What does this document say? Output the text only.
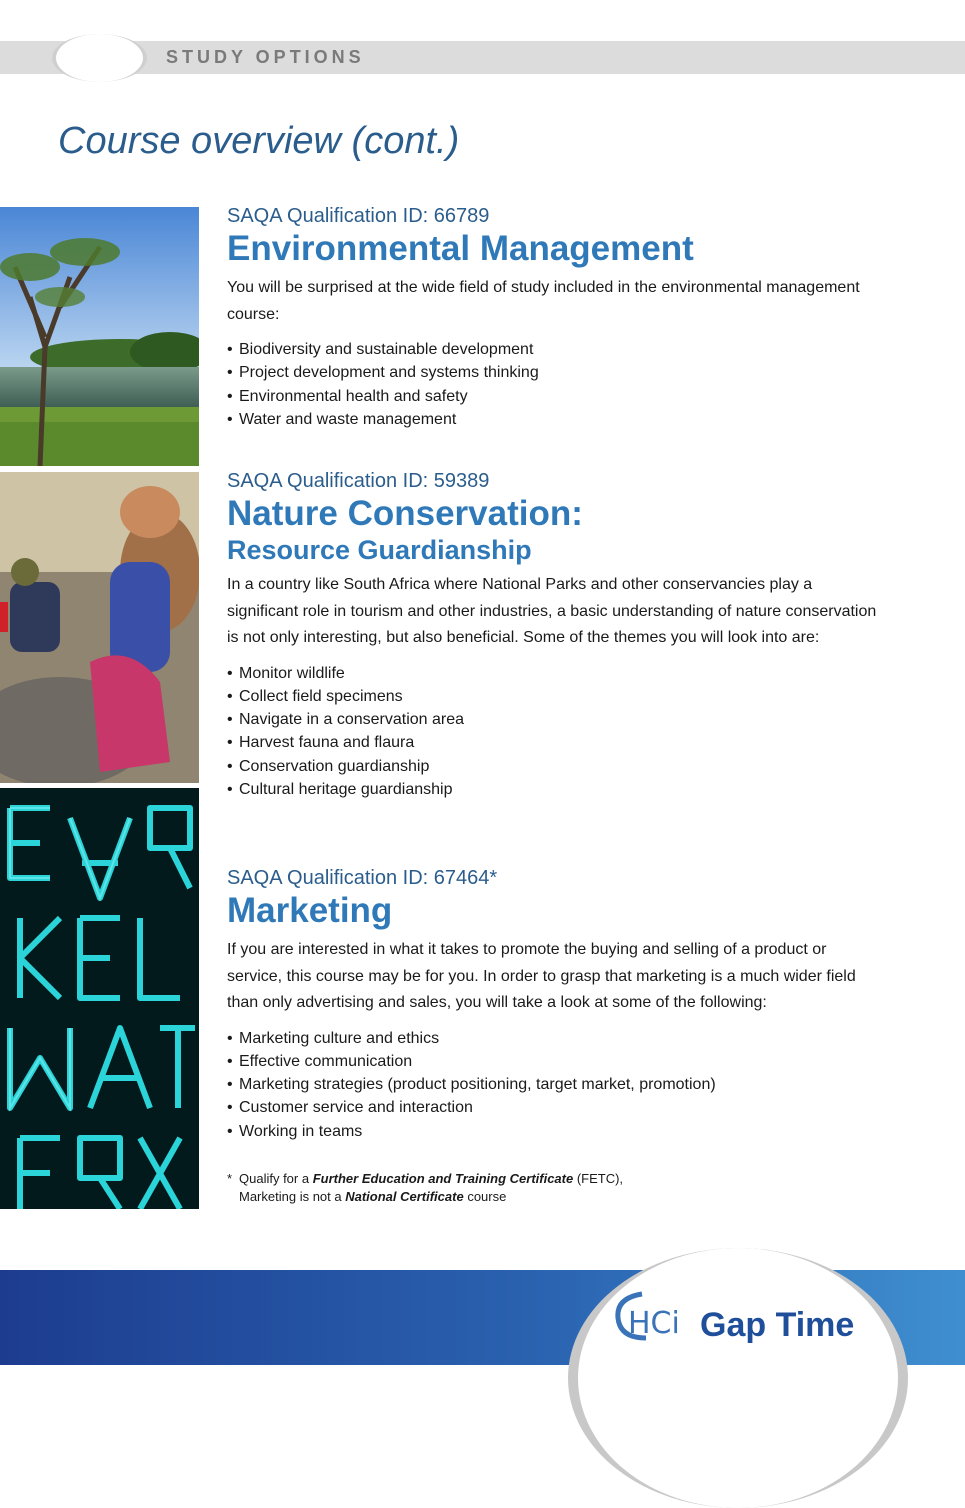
STUDY OPTIONS
Course overview (cont.)

SAQA Qualification ID: 66789

Environmental Management

You will be surprised at the wide field of study included in the environmental management course:

• Biodiversity and sustainable development
• Project development and systems thinking
• Environmental health and safety
• Water and waste management

SAQA Qualification ID: 59389

Nature Conservation:
Resource Guardianship

In a country like South Africa where National Parks and other conservancies play a significant role in tourism and other industries, a basic understanding of nature conservation is not only interesting, but also beneficial. Some of the themes you will look into are:

• Monitor wildlife
• Collect field specimens
• Navigate in a conservation area
• Harvest fauna and flaura
• Conservation guardianship
• Cultural heritage guardianship

SAQA Qualification ID: 67464*

Marketing

If you are interested in what it takes to promote the buying and selling of a product or service, this course may be for you. In order to grasp that marketing is a much wider field than only advertising and sales, you will take a look at some of the following:

• Marketing culture and ethics
• Effective communication
• Marketing strategies (product positioning, target market, promotion)
• Customer service and interaction
• Working in teams
* Qualify for a Further Education and Training Certificate (FETC),
Marketing is not a National Certificate course
HCi Gap Time
